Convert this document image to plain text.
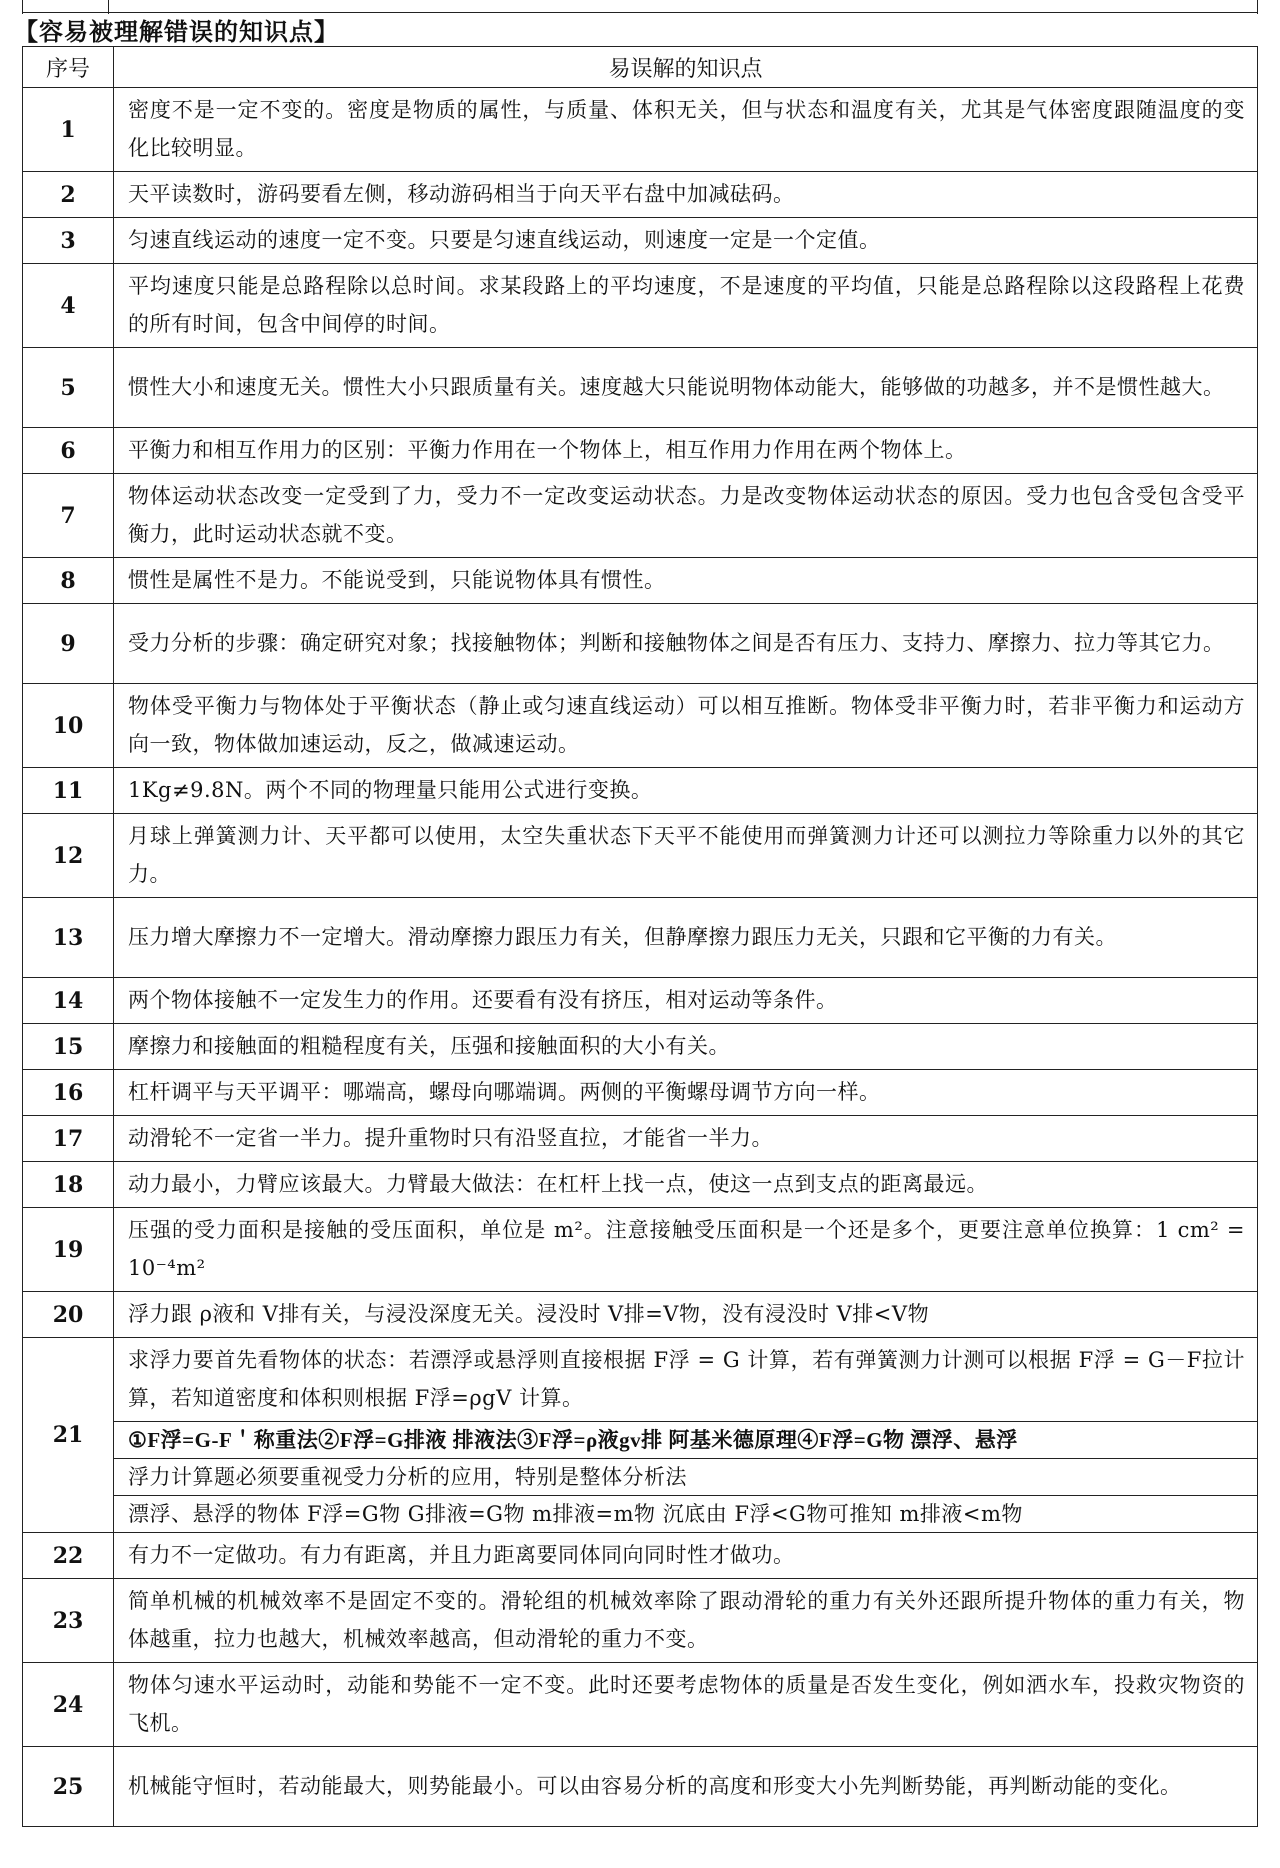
【容易被理解错误的知识点】
序号	易误解的知识点
1	密度不是一定不变的。密度是物质的属性，与质量、体积无关，但与状态和温度有关，尤其是气体密度跟随温度的变化比较明显。
2	天平读数时，游码要看左侧，移动游码相当于向天平右盘中加减砝码。
3	匀速直线运动的速度一定不变。只要是匀速直线运动，则速度一定是一个定值。
4	平均速度只能是总路程除以总时间。求某段路上的平均速度，不是速度的平均值，只能是总路程除以这段路程上花费的所有时间，包含中间停的时间。
5	惯性大小和速度无关。惯性大小只跟质量有关。速度越大只能说明物体动能大，能够做的功越多，并不是惯性越大。
6	平衡力和相互作用力的区别：平衡力作用在一个物体上，相互作用力作用在两个物体上。
7	物体运动状态改变一定受到了力，受力不一定改变运动状态。力是改变物体运动状态的原因。受力也包含受包含受平衡力，此时运动状态就不变。
8	惯性是属性不是力。不能说受到，只能说物体具有惯性。
9	受力分析的步骤：确定研究对象；找接触物体；判断和接触物体之间是否有压力、支持力、摩擦力、拉力等其它力。
10	物体受平衡力与物体处于平衡状态（静止或匀速直线运动）可以相互推断。物体受非平衡力时，若非平衡力和运动方向一致，物体做加速运动，反之，做减速运动。
11	1Kg≠9.8N。两个不同的物理量只能用公式进行变换。
12	月球上弹簧测力计、天平都可以使用，太空失重状态下天平不能使用而弹簧测力计还可以测拉力等除重力以外的其它力。
13	压力增大摩擦力不一定增大。滑动摩擦力跟压力有关，但静摩擦力跟压力无关，只跟和它平衡的力有关。
14	两个物体接触不一定发生力的作用。还要看有没有挤压，相对运动等条件。
15	摩擦力和接触面的粗糙程度有关，压强和接触面积的大小有关。
16	杠杆调平与天平调平：哪端高，螺母向哪端调。两侧的平衡螺母调节方向一样。
17	动滑轮不一定省一半力。提升重物时只有沿竖直拉，才能省一半力。
18	动力最小，力臂应该最大。力臂最大做法：在杠杆上找一点，使这一点到支点的距离最远。
19	压强的受力面积是接触的受压面积，单位是 m²。注意接触受压面积是一个还是多个，更要注意单位换算：1 cm² = 10⁻⁴m²
20	浮力跟 ρ液和 V排有关，与浸没深度无关。浸没时 V排=V物，没有浸没时 V排<V物
21	求浮力要首先看物体的状态：若漂浮或悬浮则直接根据 F浮 = G 计算，若有弹簧测力计测可以根据 F浮 = G－F拉计算，若知道密度和体积则根据 F浮=ρgV 计算。
	①F浮=G-F＇称重法②F浮=G排液 排液法③F浮=ρ液gv排 阿基米德原理④F浮=G物 漂浮、悬浮
	浮力计算题必须要重视受力分析的应用，特别是整体分析法
	漂浮、悬浮的物体 F浮=G物 G排液=G物 m排液=m物 沉底由 F浮<G物可推知 m排液<m物
22	有力不一定做功。有力有距离，并且力距离要同体同向同时性才做功。
23	简单机械的机械效率不是固定不变的。滑轮组的机械效率除了跟动滑轮的重力有关外还跟所提升物体的重力有关，物体越重，拉力也越大，机械效率越高，但动滑轮的重力不变。
24	物体匀速水平运动时，动能和势能不一定不变。此时还要考虑物体的质量是否发生变化，例如洒水车，投救灾物资的飞机。
25	机械能守恒时，若动能最大，则势能最小。可以由容易分析的高度和形变大小先判断势能，再判断动能的变化。
